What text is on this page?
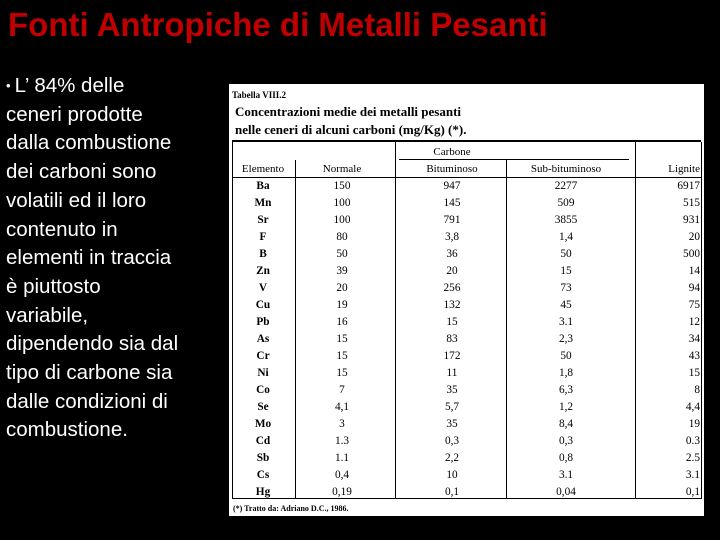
Fonti Antropiche di Metalli Pesanti
• L’ 84% delle
ceneri prodotte
dalla combustione
dei carboni sono
volatili ed il loro
contenuto in
elementi in traccia
è piuttosto
variabile,
dipendendo sia dal
tipo di carbone sia
dalle condizioni di
combustione.
Tabella VIII.2
Concentrazioni medie dei metalli pesanti
nelle ceneri di alcuni carboni (mg/Kg) (*).
Carbone
Elemento	Normale	Bituminoso	Sub-bituminoso	Lignite
Ba	150	947	2277	6917
Mn	100	145	509	515
Sr	100	791	3855	931
F	80	3,8	1,4	20
B	50	36	50	500
Zn	39	20	15	14
V	20	256	73	94
Cu	19	132	45	75
Pb	16	15	3.1	12
As	15	83	2,3	34
Cr	15	172	50	43
Ni	15	11	1,8	15
Co	7	35	6,3	8
Se	4,1	5,7	1,2	4,4
Mo	3	35	8,4	19
Cd	1.3	0,3	0,3	0.3
Sb	1.1	2,2	0,8	2.5
Cs	0,4	10	3.1	3.1
Hg	0,19	0,1	0,04	0,1
(*) Tratto da: Adriano D.C., 1986.
